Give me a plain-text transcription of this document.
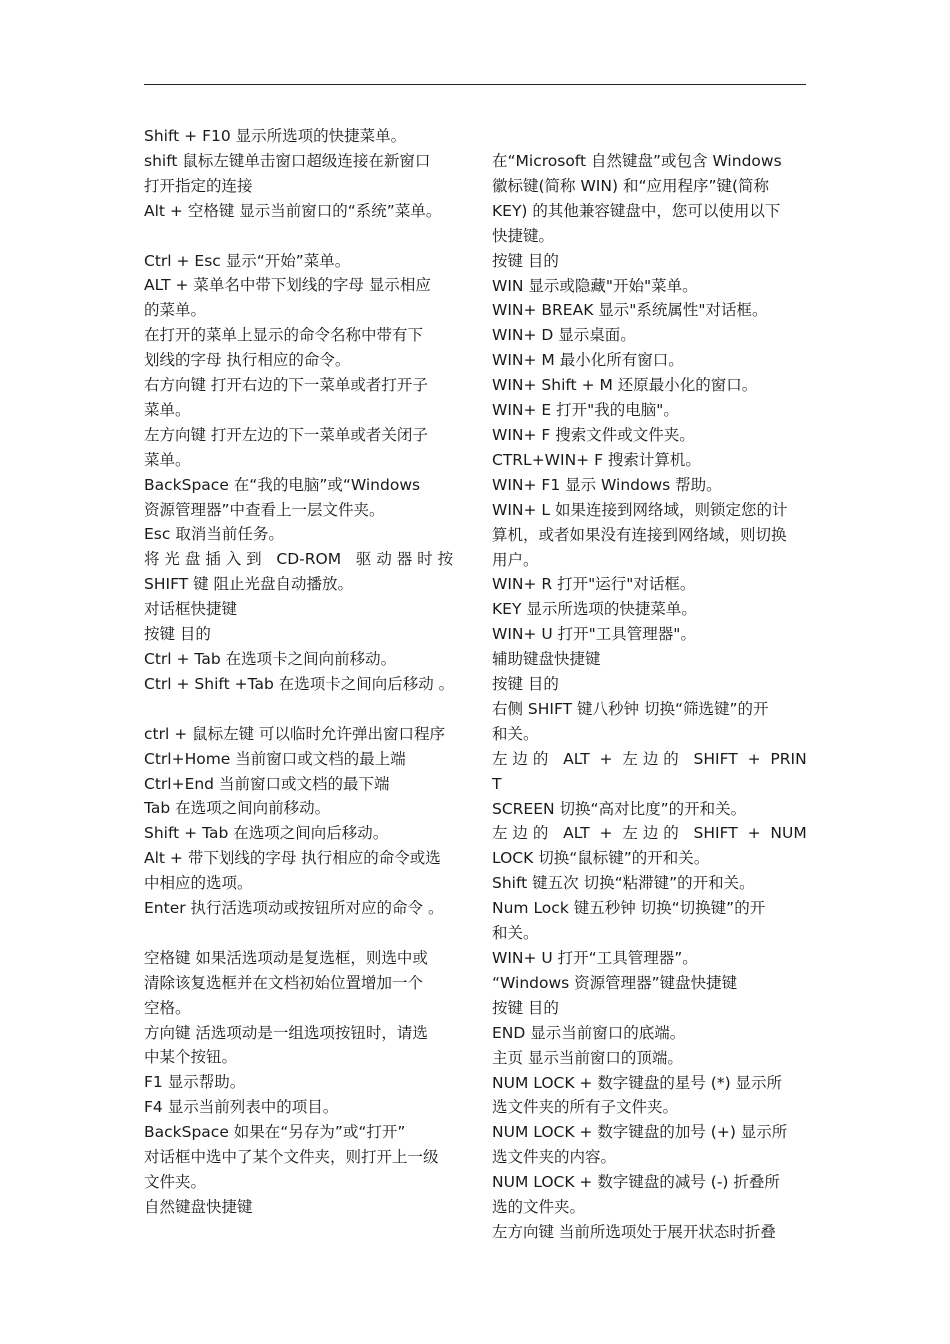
Shift + F10 显示所选项的快捷菜单。
shift 鼠标左键单击窗口超级连接在新窗口
打开指定的连接
Alt + 空格键 显示当前窗口的“系统”菜单。
Ctrl + Esc 显示“开始”菜单。
ALT + 菜单名中带下划线的字母 显示相应
的菜单。
在打开的菜单上显示的命令名称中带有下
划线的字母 执行相应的命令。
右方向键 打开右边的下一菜单或者打开子
菜单。
左方向键 打开左边的下一菜单或者关闭子
菜单。
BackSpace 在“我的电脑”或“Windows
资源管理器”中查看上一层文件夹。
Esc 取消当前任务。
将 光 盘 插 入 到   CD-ROM   驱 动 器 时 按
SHIFT 键 阻止光盘自动播放。
对话框快捷键
按键 目的
Ctrl + Tab 在选项卡之间向前移动。
Ctrl + Shift +Tab 在选项卡之间向后移动 。
ctrl + 鼠标左键 可以临时允许弹出窗口程序
Ctrl+Home 当前窗口或文档的最上端
Ctrl+End 当前窗口或文档的最下端
Tab 在选项之间向前移动。
Shift + Tab 在选项之间向后移动。
Alt + 带下划线的字母 执行相应的命令或选
中相应的选项。
Enter 执行活选项动或按钮所对应的命令 。
空格键 如果活选项动是复选框，则选中或
清除该复选框并在文档初始位置增加一个
空格。
方向键 活选项动是一组选项按钮时，请选
中某个按钮。
F1 显示帮助。
F4 显示当前列表中的项目。
BackSpace 如果在“另存为”或“打开”
对话框中选中了某个文件夹，则打开上一级
文件夹。
自然键盘快捷键
在“Microsoft 自然键盘”或包含 Windows
徽标键(简称 WIN) 和“应用程序”键(简称
KEY) 的其他兼容键盘中，您可以使用以下
快捷键。
按键 目的
WIN 显示或隐藏"开始"菜单。
WIN+ BREAK 显示"系统属性"对话框。
WIN+ D 显示桌面。
WIN+ M 最小化所有窗口。
WIN+ Shift + M 还原最小化的窗口。
WIN+ E 打开"我的电脑"。
WIN+ F 搜索文件或文件夹。
CTRL+WIN+ F 搜索计算机。
WIN+ F1 显示 Windows 帮助。
WIN+ L 如果连接到网络域，则锁定您的计
算机，或者如果没有连接到网络域，则切换
用户。
WIN+ R 打开"运行"对话框。
KEY 显示所选项的快捷菜单。
WIN+ U 打开"工具管理器"。
辅助键盘快捷键
按键 目的
右侧 SHIFT 键八秒钟 切换“筛选键”的开
和关。
左 边 的   ALT  +  左 边 的   SHIFT  +  PRINT
SCREEN 切换“高对比度”的开和关。
左 边 的   ALT  +  左 边 的   SHIFT  +  NUM
LOCK 切换“鼠标键”的开和关。
Shift 键五次 切换“粘滞键”的开和关。
Num Lock 键五秒钟 切换“切换键”的开
和关。
WIN+ U 打开“工具管理器”。
“Windows 资源管理器”键盘快捷键
按键 目的
END 显示当前窗口的底端。
主页 显示当前窗口的顶端。
NUM LOCK + 数字键盘的星号 (*) 显示所
选文件夹的所有子文件夹。
NUM LOCK + 数字键盘的加号 (+) 显示所
选文件夹的内容。
NUM LOCK + 数字键盘的减号 (-) 折叠所
选的文件夹。
左方向键 当前所选项处于展开状态时折叠
